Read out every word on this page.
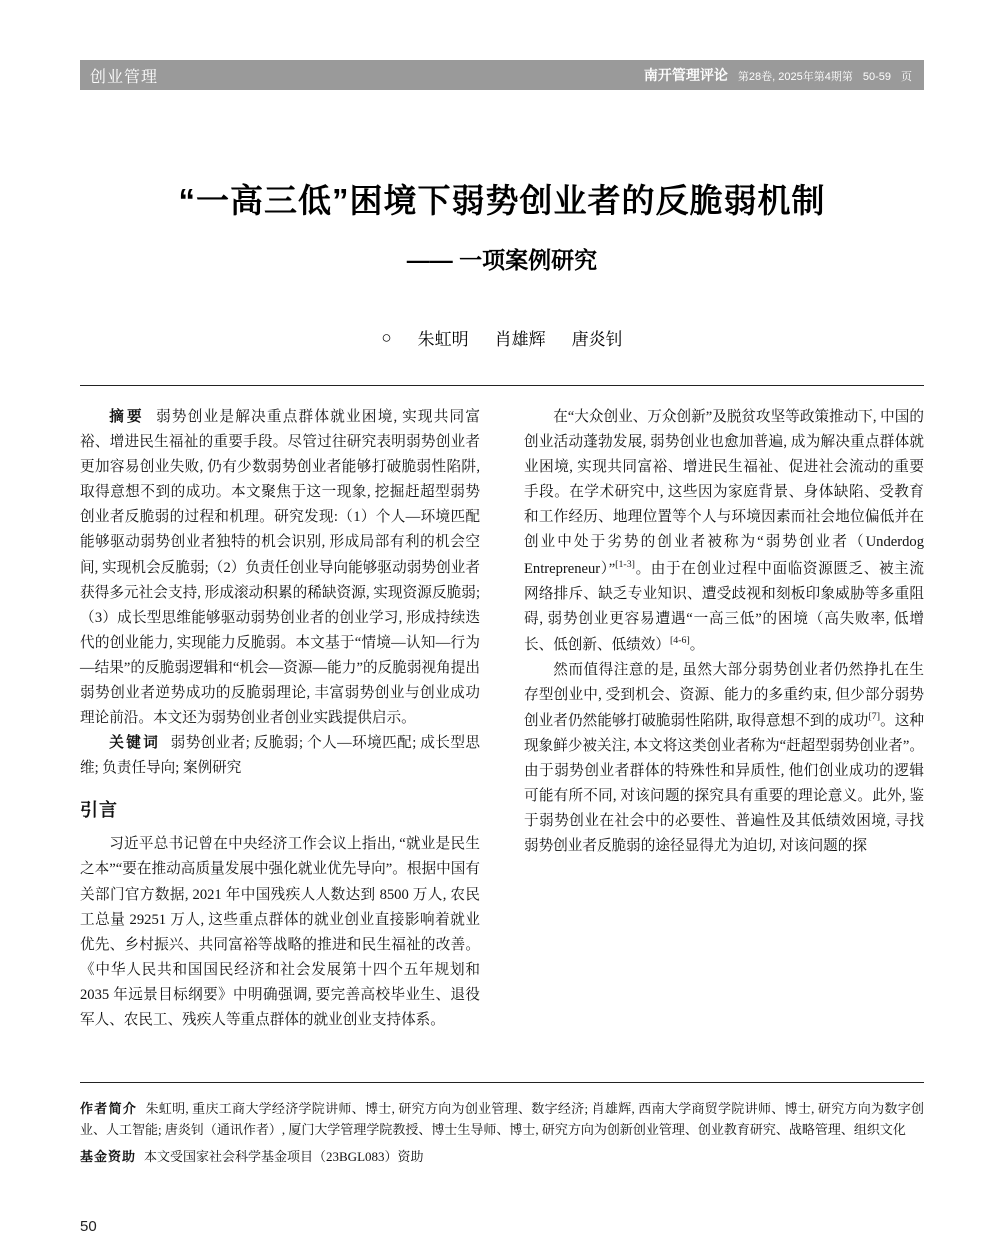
创业管理	南开管理评论 第28卷, 2025年第4期第 50-59 页
“一高三低”困境下弱势创业者的反脆弱机制
—— 一项案例研究
○ 朱虹明 肖雄辉 唐炎钊

摘要 弱势创业是解决重点群体就业困境, 实现共同富裕、增进民生福祉的重要手段。尽管过往研究表明弱势创业者更加容易创业失败, 仍有少数弱势创业者能够打破脆弱性陷阱, 取得意想不到的成功。本文聚焦于这一现象, 挖掘赶超型弱势创业者反脆弱的过程和机理。研究发现:（1）个人—环境匹配能够驱动弱势创业者独特的机会识别, 形成局部有利的机会空间, 实现机会反脆弱;（2）负责任创业导向能够驱动弱势创业者获得多元社会支持, 形成滚动积累的稀缺资源, 实现资源反脆弱;（3）成长型思维能够驱动弱势创业者的创业学习, 形成持续迭代的创业能力, 实现能力反脆弱。本文基于“情境—认知—行为—结果”的反脆弱逻辑和“机会—资源—能力”的反脆弱视角提出弱势创业者逆势成功的反脆弱理论, 丰富弱势创业与创业成功理论前沿。本文还为弱势创业者创业实践提供启示。

关键词 弱势创业者; 反脆弱; 个人—环境匹配; 成长型思维; 负责任导向; 案例研究

引言

习近平总书记曾在中央经济工作会议上指出, “就业是民生之本”“要在推动高质量发展中强化就业优先导向”。根据中国有关部门官方数据, 2021 年中国残疾人人数达到 8500 万人, 农民工总量 29251 万人, 这些重点群体的就业创业直接影响着就业优先、乡村振兴、共同富裕等战略的推进和民生福祉的改善。《中华人民共和国国民经济和社会发展第十四个五年规划和 2035 年远景目标纲要》中明确强调, 要完善高校毕业生、退役军人、农民工、残疾人等重点群体的就业创业支持体系。

在“大众创业、万众创新”及脱贫攻坚等政策推动下, 中国的创业活动蓬勃发展, 弱势创业也愈加普遍, 成为解决重点群体就业困境, 实现共同富裕、增进民生福祉、促进社会流动的重要手段。在学术研究中, 这些因为家庭背景、身体缺陷、受教育和工作经历、地理位置等个人与环境因素而社会地位偏低并在创业中处于劣势的创业者被称为“弱势创业者（Underdog Entrepreneur）”[1-3]。由于在创业过程中面临资源匮乏、被主流网络排斥、缺乏专业知识、遭受歧视和刻板印象威胁等多重阻碍, 弱势创业更容易遭遇“一高三低”的困境（高失败率, 低增长、低创新、低绩效）[4-6]。

然而值得注意的是, 虽然大部分弱势创业者仍然挣扎在生存型创业中, 受到机会、资源、能力的多重约束, 但少部分弱势创业者仍然能够打破脆弱性陷阱, 取得意想不到的成功[7]。这种现象鲜少被关注, 本文将这类创业者称为“赶超型弱势创业者”。由于弱势创业者群体的特殊性和异质性, 他们创业成功的逻辑可能有所不同, 对该问题的探究具有重要的理论意义。此外, 鉴于弱势创业在社会中的必要性、普遍性及其低绩效困境, 寻找弱势创业者反脆弱的途径显得尤为迫切, 对该问题的探

作者简介 朱虹明, 重庆工商大学经济学院讲师、博士, 研究方向为创业管理、数字经济; 肖雄辉, 西南大学商贸学院讲师、博士, 研究方向为数字创业、人工智能; 唐炎钊（通讯作者）, 厦门大学管理学院教授、博士生导师、博士, 研究方向为创新创业管理、创业教育研究、战略管理、组织文化

基金资助 本文受国家社会科学基金项目（23BGL083）资助

50
